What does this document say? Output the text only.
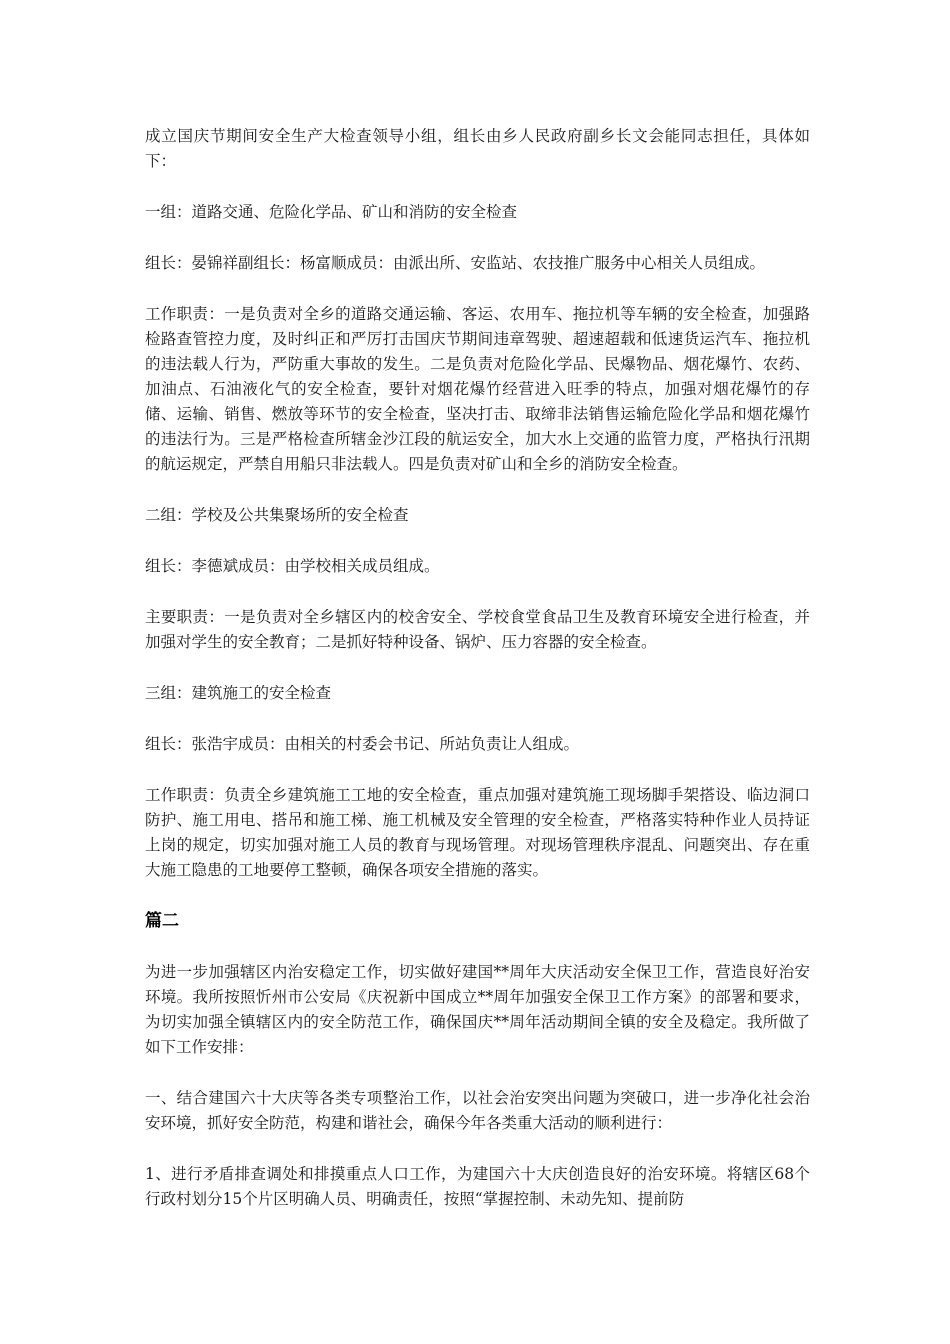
成立国庆节期间安全生产大检查领导小组，组长由乡人民政府副乡长文会能同志担任，具体如下：

一组：道路交通、危险化学品、矿山和消防的安全检查

组长：晏锦祥副组长：杨富顺成员：由派出所、安监站、农技推广服务中心相关人员组成。

工作职责：一是负责对全乡的道路交通运输、客运、农用车、拖拉机等车辆的安全检查，加强路检路查管控力度，及时纠正和严厉打击国庆节期间违章驾驶、超速超载和低速货运汽车、拖拉机的违法载人行为，严防重大事故的发生。二是负责对危险化学品、民爆物品、烟花爆竹、农药、加油点、石油液化气的安全检查，要针对烟花爆竹经营进入旺季的特点，加强对烟花爆竹的存储、运输、销售、燃放等环节的安全检查，坚决打击、取缔非法销售运输危险化学品和烟花爆竹的违法行为。三是严格检查所辖金沙江段的航运安全，加大水上交通的监管力度，严格执行汛期的航运规定，严禁自用船只非法载人。四是负责对矿山和全乡的消防安全检查。

二组：学校及公共集聚场所的安全检查

组长：李德斌成员：由学校相关成员组成。

主要职责：一是负责对全乡辖区内的校舍安全、学校食堂食品卫生及教育环境安全进行检查，并加强对学生的安全教育；二是抓好特种设备、锅炉、压力容器的安全检查。

三组：建筑施工的安全检查

组长：张浩宇成员：由相关的村委会书记、所站负责让人组成。

工作职责：负责全乡建筑施工工地的安全检查，重点加强对建筑施工现场脚手架搭设、临边洞口防护、施工用电、搭吊和施工梯、施工机械及安全管理的安全检查，严格落实特种作业人员持证上岗的规定，切实加强对施工人员的教育与现场管理。对现场管理秩序混乱、问题突出、存在重大施工隐患的工地要停工整顿，确保各项安全措施的落实。

篇二

为进一步加强辖区内治安稳定工作，切实做好建国**周年大庆活动安全保卫工作，营造良好治安环境。我所按照忻州市公安局《庆祝新中国成立**周年加强安全保卫工作方案》的部署和要求，为切实加强全镇辖区内的安全防范工作，确保国庆**周年活动期间全镇的安全及稳定。我所做了如下工作安排：

一、结合建国六十大庆等各类专项整治工作，以社会治安突出问题为突破口，进一步净化社会治安环境，抓好安全防范，构建和谐社会，确保今年各类重大活动的顺利进行：

1、进行矛盾排查调处和排摸重点人口工作，为建国六十大庆创造良好的治安环境。将辖区68个行政村划分15个片区明确人员、明确责任，按照“掌握控制、未动先知、提前防
